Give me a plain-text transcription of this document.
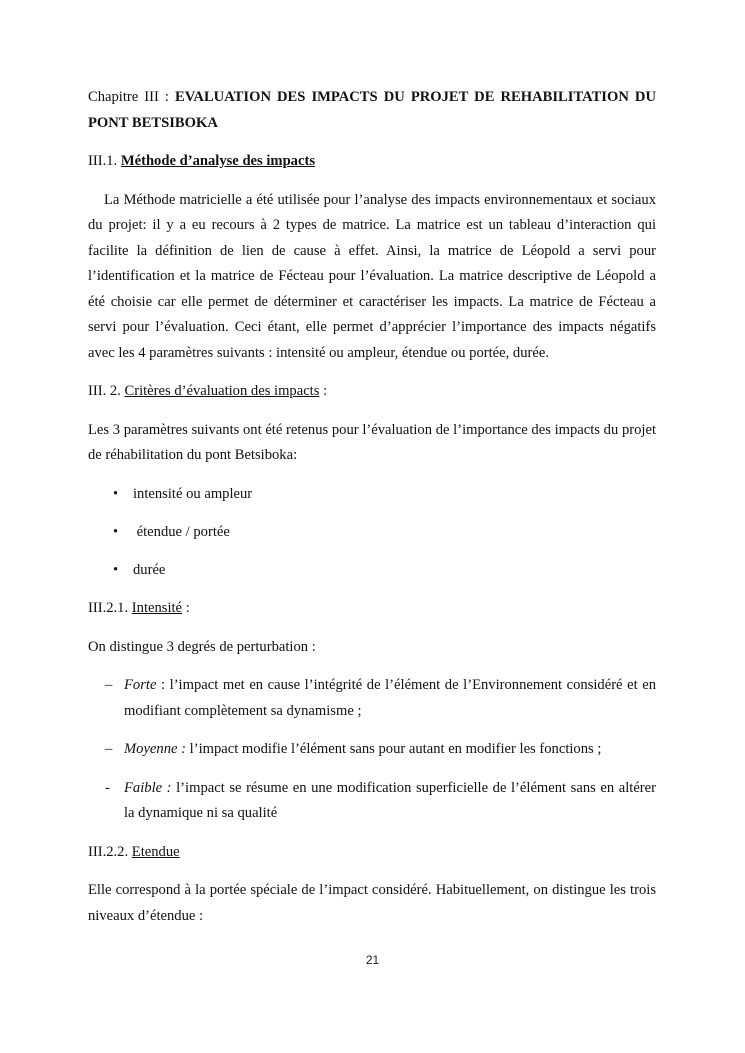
Chapitre III : EVALUATION DES IMPACTS DU PROJET DE REHABILITATION DU PONT BETSIBOKA

III.1. Méthode d’analyse des impacts

La Méthode matricielle a été utilisée pour l’analyse des impacts environnementaux et sociaux du projet: il y a eu recours à 2 types de matrice. La matrice est un tableau d’interaction qui facilite la définition de lien de cause à effet. Ainsi, la matrice de Léopold a servi pour l’identification et la matrice de Fécteau pour l’évaluation. La matrice descriptive de Léopold a été choisie car elle permet de déterminer et caractériser les impacts. La matrice de Fécteau a servi pour l’évaluation. Ceci étant, elle permet d’apprécier l’importance des impacts négatifs avec les 4 paramètres suivants : intensité ou ampleur, étendue ou portée, durée.

III. 2. Critères d’évaluation des impacts :

Les 3 paramètres suivants ont été retenus pour l’évaluation de l’importance des impacts du projet de réhabilitation du pont Betsiboka:

• intensité ou ampleur
• étendue / portée
• durée

III.2.1. Intensité :

On distingue 3 degrés de perturbation :

– Forte : l’impact met en cause l’intégrité de l’élément de l’Environnement considéré et en modifiant complètement sa dynamisme ;
– Moyenne : l’impact modifie l’élément sans pour autant en modifier les fonctions ;
- Faible : l’impact se résume en une modification superficielle de l’élément sans en altérer la dynamique ni sa qualité

III.2.2. Etendue

Elle correspond à la portée spéciale de l’impact considéré. Habituellement, on distingue les trois niveaux d’étendue :

21
